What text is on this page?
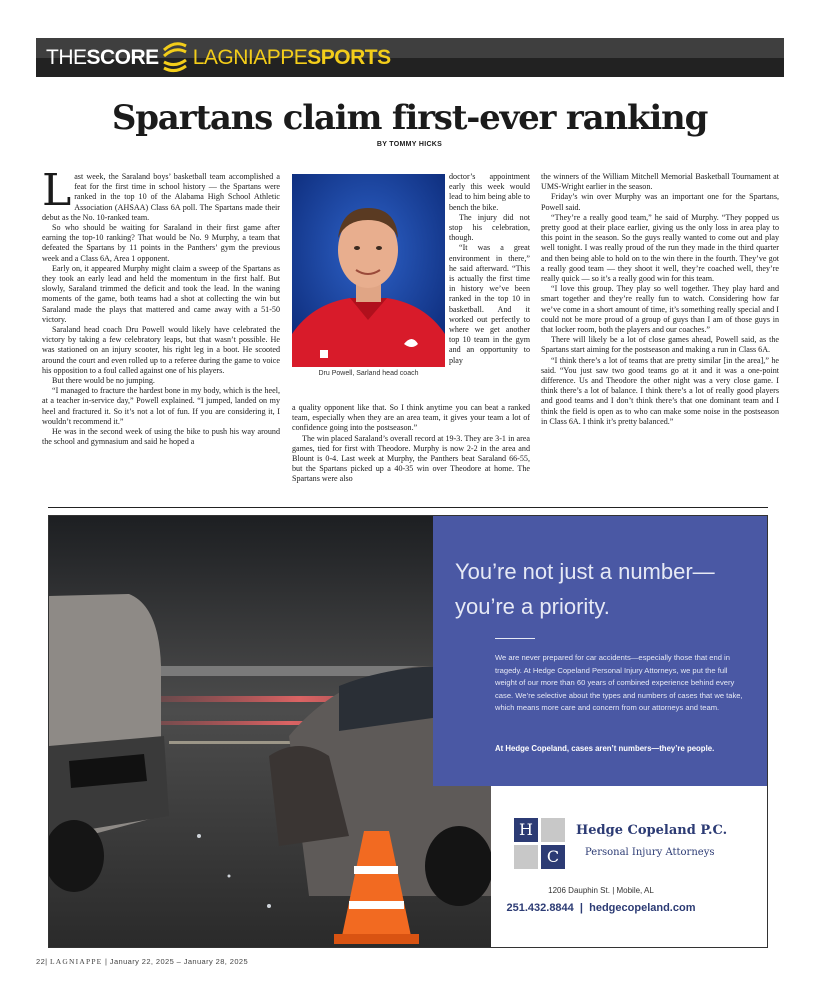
THESCORE LAGNIAPPESPORTS
Spartans claim first-ever ranking
BY TOMMY HICKS

Last week, the Saraland boys’ basketball team accomplished a feat for the first time in school history — the Spartans were ranked in the top 10 of the Alabama High School Athletic Association (AHSAA) Class 6A poll. The Spartans made their debut as the No. 10-ranked team.

So who should be waiting for Saraland in their first game after earning the top-10 ranking? That would be No. 9 Murphy, a team that defeated the Spartans by 11 points in the Panthers’ gym the previous week and a Class 6A, Area 1 opponent.

Early on, it appeared Murphy might claim a sweep of the Spartans as they took an early lead and held the momentum in the first half. But slowly, Saraland trimmed the deficit and took the lead. In the waning moments of the game, both teams had a shot at collecting the win but Saraland made the plays that mattered and came away with a 51-50 victory.

Saraland head coach Dru Powell would likely have celebrated the victory by taking a few celebratory leaps, but that wasn’t possible. He was stationed on an injury scooter, his right leg in a boot. He scooted around the court and even rolled up to a referee during the game to voice his opposition to a foul called against one of his players.

But there would be no jumping.

“I managed to fracture the hardest bone in my body, which is the heel, at a teacher in-service day,” Powell explained. “I jumped, landed on my heel and fractured it. So it’s not a lot of fun. If you are considering it, I wouldn’t recommend it.”

He was in the second week of using the bike to push his way around the school and gymnasium and said he hoped a

Dru Powell, Sarland head coach

doctor’s appointment early this week would lead to him being able to bench the bike.

The injury did not stop his celebration, though.

“It was a great environment in there,” he said afterward. “This is actually the first time in history we’ve been ranked in the top 10 in basketball. And it worked out perfectly to where we get another top 10 team in the gym and an opportunity to play

a quality opponent like that. So I think anytime you can beat a ranked team, especially when they are an area team, it gives your team a lot of confidence going into the postseason.”

The win placed Saraland’s overall record at 19-3. They are 3-1 in area games, tied for first with Theodore. Murphy is now 2-2 in the area and Blount is 0-4. Last week at Murphy, the Panthers beat Saraland 66-55, but the Spartans picked up a 40-35 win over Theodore at home. The Spartans were also

the winners of the William Mitchell Memorial Basketball Tournament at UMS-Wright earlier in the season.

Friday’s win over Murphy was an important one for the Spartans, Powell said.

“They’re a really good team,” he said of Murphy. “They popped us pretty good at their place earlier, giving us the only loss in area play to this point in the season. So the guys really wanted to come out and play well tonight. I was really proud of the run they made in the third quarter and then being able to hold on to the win there in the fourth. They’ve got a really good team — they shoot it well, they’re coached well, they’re really quick — so it’s a really good win for this team.

“I love this group. They play so well together. They play hard and smart together and they’re really fun to watch. Considering how far we’ve come in a short amount of time, it’s something really special and I could not be more proud of a group of guys than I am of those guys in that locker room, both the players and our coaches.”

There will likely be a lot of close games ahead, Powell said, as the Spartans start aiming for the postseason and making a run in Class 6A.

“I think there’s a lot of teams that are pretty similar [in the area],” he said. “You just saw two good teams go at it and it was a one-point difference. Us and Theodore the other night was a very close game. I think there’s a lot of balance. I think there’s a lot of really good players and good teams and I don’t think there’s that one dominant team and I think the field is open as to who can make some noise in the postseason in Class 6A. I think it’s pretty balanced.”

You’re not just a number—
you’re a priority.
We are never prepared for car accidents—especially those that end in tragedy. At Hedge Copeland Personal Injury Attorneys, we put the full weight of our more than 60 years of combined experience behind every case. We’re selective about the types and numbers of cases that we take, which means more care and concern from our attorneys and team.
At Hedge Copeland, cases aren’t numbers—they’re people.
H
C
Hedge Copeland P.C.
Personal Injury Attorneys
1206 Dauphin St. | Mobile, AL
251.432.8844  |  hedgecopeland.com
22| LAGNIAPPE | January 22, 2025 – January 28, 2025
